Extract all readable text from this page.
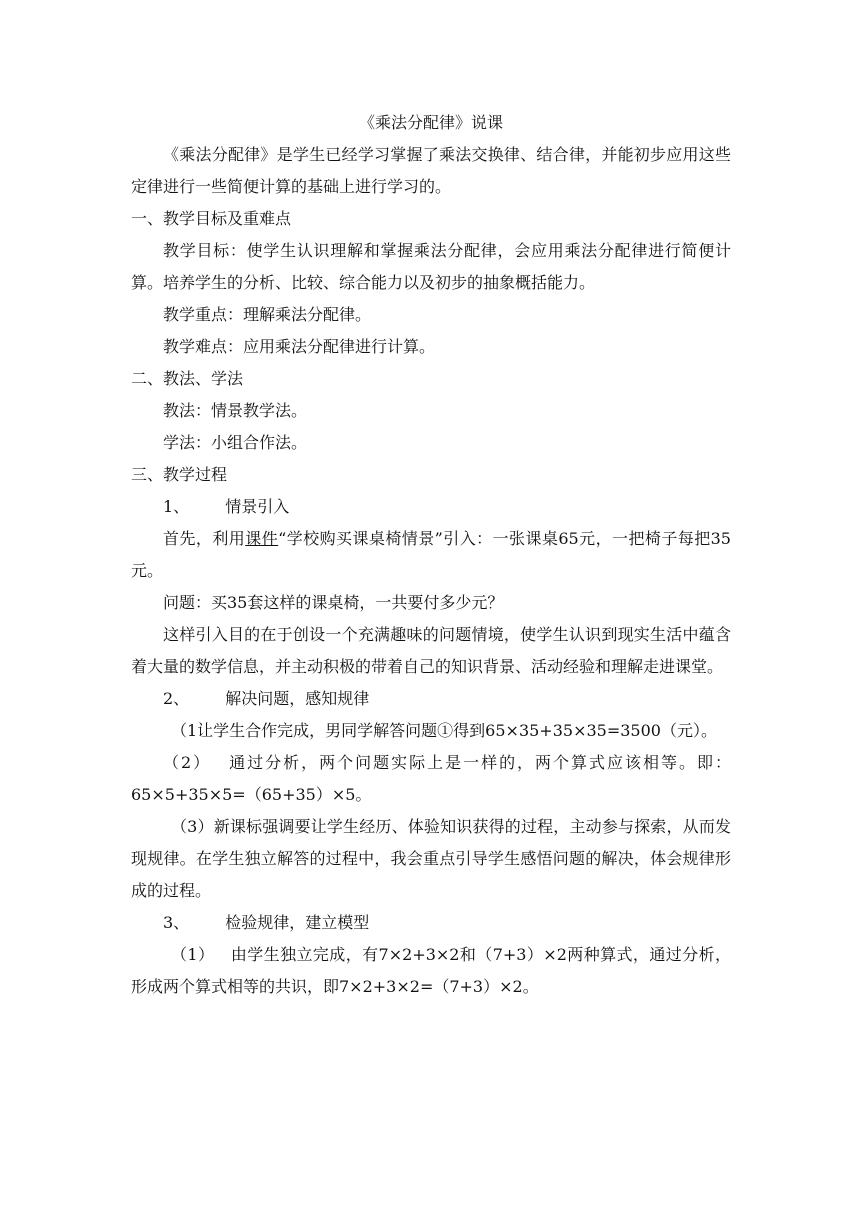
《乘法分配律》说课

《乘法分配律》是学生已经学习掌握了乘法交换律、结合律，并能初步应用这些定律进行一些简便计算的基础上进行学习的。

一、教学目标及重难点

教学目标：使学生认识理解和掌握乘法分配律，会应用乘法分配律进行简便计算。培养学生的分析、比较、综合能力以及初步的抽象概括能力。

教学重点：理解乘法分配律。

教学难点：应用乘法分配律进行计算。

二、教法、学法

教法：情景教学法。

学法：小组合作法。

三、教学过程

1、 情景引入

首先，利用课件“学校购买课桌椅情景”引入：一张课桌65元，一把椅子每把35元。

问题：买35套这样的课桌椅，一共要付多少元？

这样引入目的在于创设一个充满趣味的问题情境，使学生认识到现实生活中蕴含着大量的数学信息，并主动积极的带着自己的知识背景、活动经验和理解走进课堂。

2、 解决问题，感知规律

（1让学生合作完成，男同学解答问题①得到65×35+35×35=3500（元）。

（2） 通过分析，两个问题实际上是一样的，两个算式应该相等。即：65×5+35×5=（65+35）×5。

（3）新课标强调要让学生经历、体验知识获得的过程，主动参与探索，从而发现规律。在学生独立解答的过程中，我会重点引导学生感悟问题的解决，体会规律形成的过程。

3、 检验规律，建立模型

（1） 由学生独立完成，有7×2+3×2和（7+3）×2两种算式，通过分析，形成两个算式相等的共识，即7×2+3×2=（7+3）×2。
